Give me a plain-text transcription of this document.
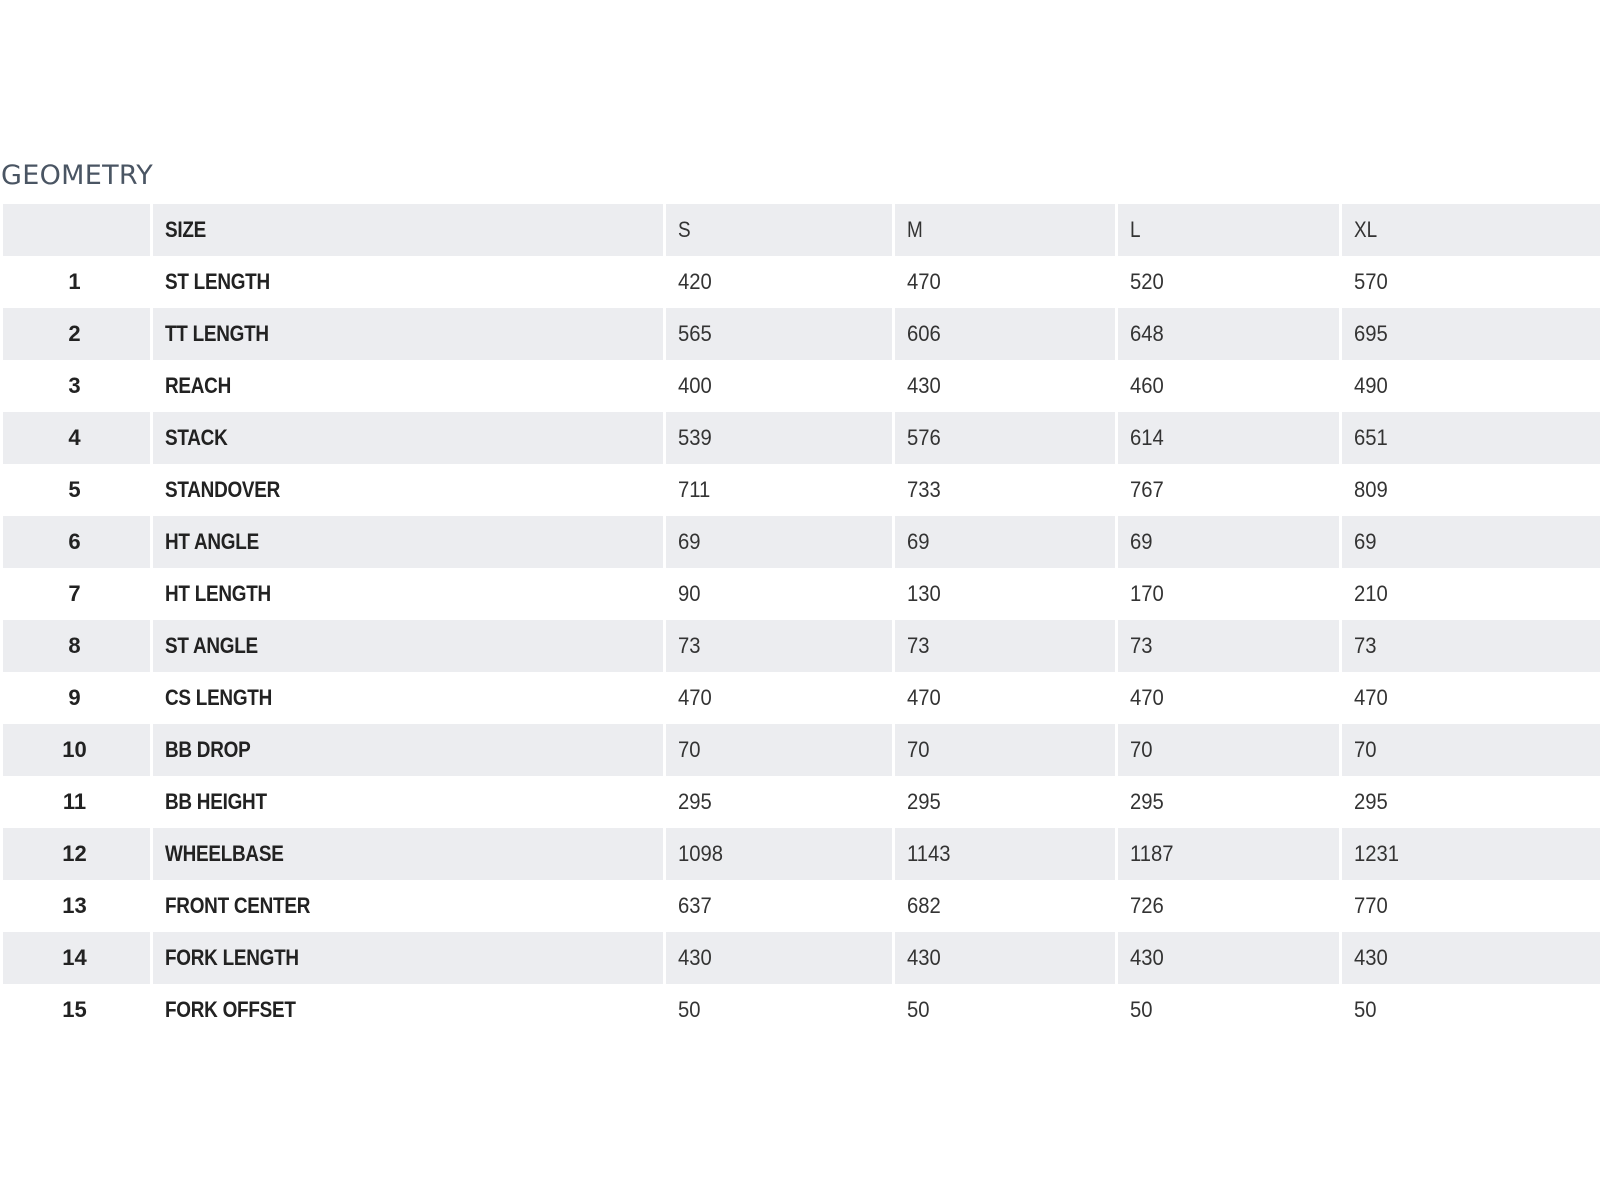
GEOMETRY
	SIZE	S	M	L	XL
1	ST LENGTH	420	470	520	570
2	TT LENGTH	565	606	648	695
3	REACH	400	430	460	490
4	STACK	539	576	614	651
5	STANDOVER	711	733	767	809
6	HT ANGLE	69	69	69	69
7	HT LENGTH	90	130	170	210
8	ST ANGLE	73	73	73	73
9	CS LENGTH	470	470	470	470
10	BB DROP	70	70	70	70
11	BB HEIGHT	295	295	295	295
12	WHEELBASE	1098	1143	1187	1231
13	FRONT CENTER	637	682	726	770
14	FORK LENGTH	430	430	430	430
15	FORK OFFSET	50	50	50	50
